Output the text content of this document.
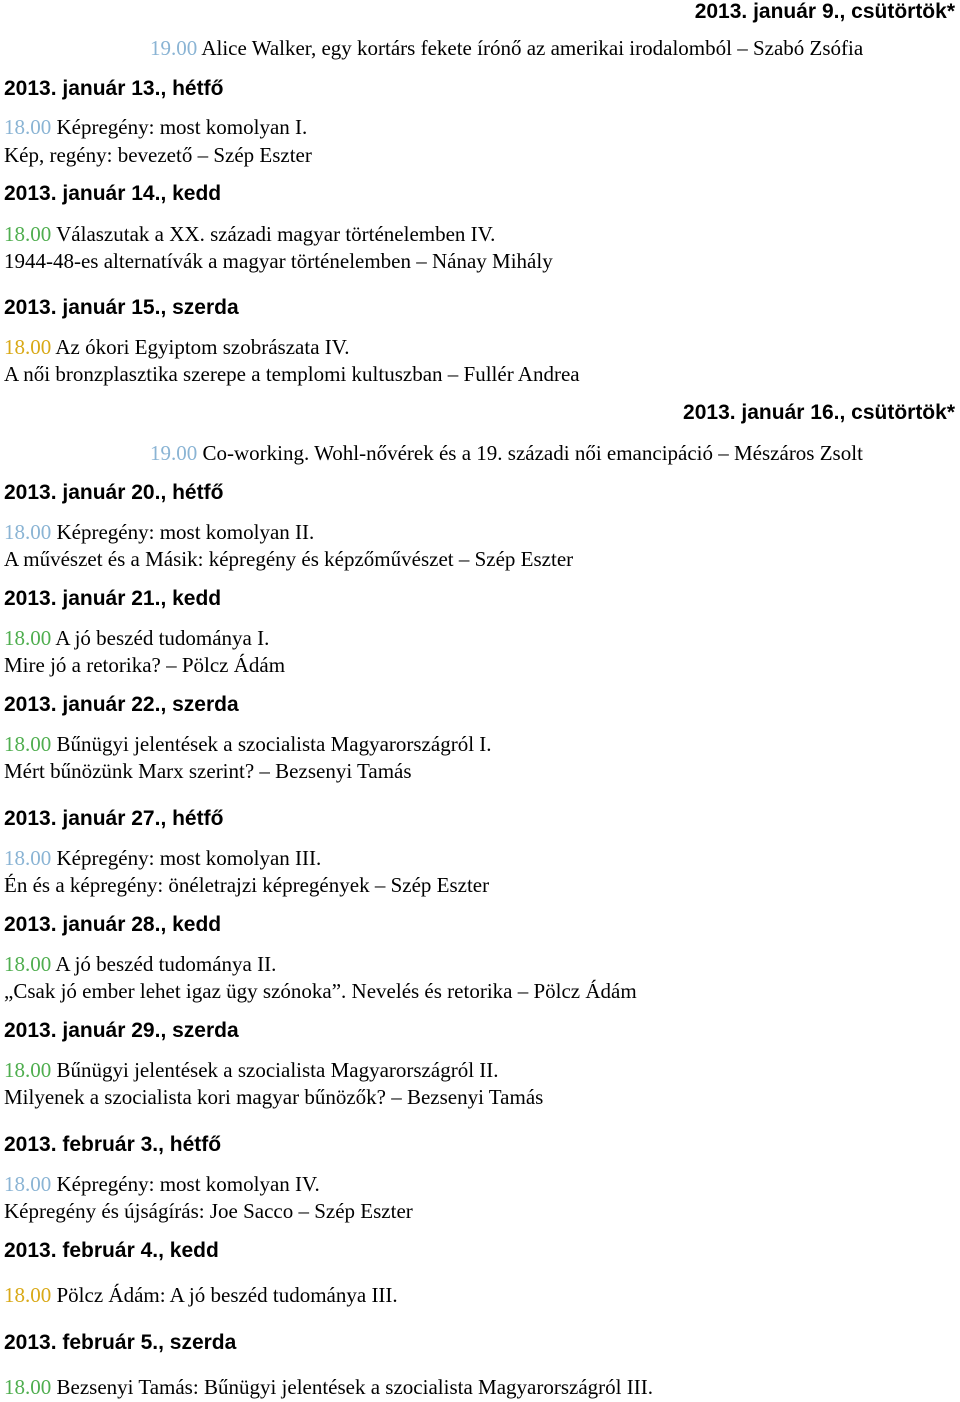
2013. január 9., csütörtök*
19.00 Alice Walker, egy kortárs fekete írónő az amerikai irodalomból – Szabó Zsófia
2013. január 13., hétfő
18.00 Képregény: most komolyan I.
Kép, regény: bevezető – Szép Eszter
2013. január 14., kedd
18.00 Válaszutak a XX. századi magyar történelemben IV.
1944-48-es alternatívák a magyar történelemben – Nánay Mihály
2013. január 15., szerda
18.00 Az ókori Egyiptom szobrászata IV.
A női bronzplasztika szerepe a templomi kultuszban – Fullér Andrea
2013. január 16., csütörtök*
19.00 Co-working. Wohl-nővérek és a 19. századi női emancipáció – Mészáros Zsolt
2013. január 20., hétfő
18.00 Képregény: most komolyan II.
A művészet és a Másik: képregény és képzőművészet – Szép Eszter
2013. január 21., kedd
18.00 A jó beszéd tudománya I.
Mire jó a retorika? – Pölcz Ádám
2013. január 22., szerda
18.00 Bűnügyi jelentések a szocialista Magyarországról I.
Mért bűnözünk Marx szerint? – Bezsenyi Tamás
2013. január 27., hétfő
18.00 Képregény: most komolyan III.
Én és a képregény: önéletrajzi képregények – Szép Eszter
2013. január 28., kedd
18.00 A jó beszéd tudománya II.
„Csak jó ember lehet igaz ügy szónoka”. Nevelés és retorika – Pölcz Ádám
2013. január 29., szerda
18.00 Bűnügyi jelentések a szocialista Magyarországról II.
Milyenek a szocialista kori magyar bűnözők? – Bezsenyi Tamás
2013. február 3., hétfő
18.00 Képregény: most komolyan IV.
Képregény és újságírás: Joe Sacco – Szép Eszter
2013. február 4., kedd
18.00 Pölcz Ádám: A jó beszéd tudománya III.
2013. február 5., szerda
18.00 Bezsenyi Tamás: Bűnügyi jelentések a szocialista Magyarországról III.
